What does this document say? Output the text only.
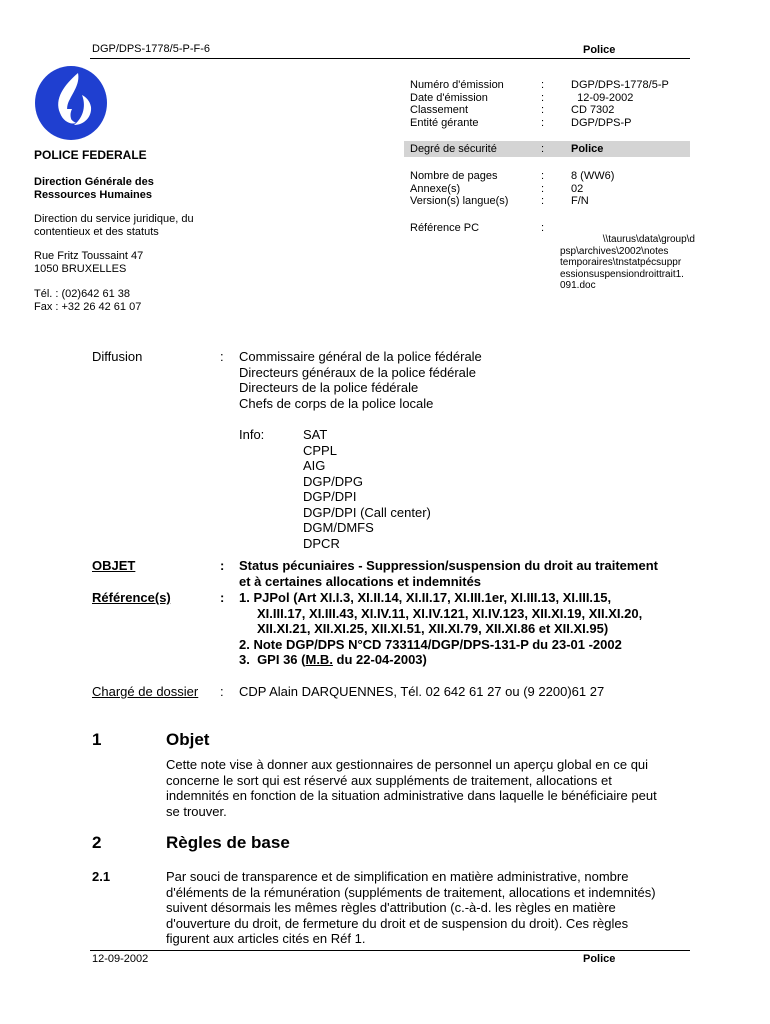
DGP/DPS-1778/5-P-F-6	Police
POLICE FEDERALE
Direction Générale des
Ressources Humaines
Direction du service juridique, du
contentieux et des statuts
Rue Fritz Toussaint 47
1050 BRUXELLES
Tél. : (02)642 61 38
Fax : +32 26 42 61 07
Numéro d'émission	: DGP/DPS-1778/5-P
Date d'émission	: 12-09-2002
Classement	: CD 7302
Entité gérante	: DGP/DPS-P
Degré de sécurité	: Police
Nombre de pages	: 8 (WW6)
Annexe(s)	: 02
Version(s) langue(s)	: F/N
Référence PC	:
\\taurus\data\group\d
psp\archives\2002\notes
temporaires\tnstatpécsuppr
essionsuspensiondroittrait1.
091.doc
Diffusion	: Commissaire général de la police fédérale
Directeurs généraux de la police fédérale
Directeurs de la police fédérale
Chefs de corps de la police locale
Info:	SAT
CPPL
AIG
DGP/DPG
DGP/DPI
DGP/DPI (Call center)
DGM/DMFS
DPCR
OBJET	: Status pécuniaires - Suppression/suspension du droit au traitement
et à certaines allocations et indemnités
Référence(s)	: 1. PJPol (Art XI.I.3, XI.II.14, XI.II.17, XI.III.1er, XI.III.13, XI.III.15,
XI.III.17, XI.III.43, XI.IV.11, XI.IV.121, XI.IV.123, XII.XI.19, XII.XI.20,
XII.XI.21, XII.XI.25, XII.XI.51, XII.XI.79, XII.XI.86 et XII.XI.95)
2. Note DGP/DPS N°CD 733114/DGP/DPS-131-P du 23-01 -2002
3.  GPI 36 (M.B. du 22-04-2003)
Chargé de dossier : CDP Alain DARQUENNES, Tél. 02 642 61 27 ou (9 2200)61 27
1	Objet
Cette note vise à donner aux gestionnaires de personnel un aperçu global en ce qui
concerne le sort qui est réservé aux suppléments de traitement, allocations et
indemnités en fonction de la situation administrative dans laquelle le bénéficiaire peut
se trouver.
2	Règles de base
2.1	Par souci de transparence et de simplification en matière administrative, nombre
d'éléments de la rémunération (suppléments de traitement, allocations et indemnités)
suivent désormais les mêmes règles d'attribution (c.-à-d. les règles en matière
d'ouverture du droit, de fermeture du droit et de suspension du droit). Ces règles
figurent aux articles cités en Réf 1.
12-09-2002	Police
